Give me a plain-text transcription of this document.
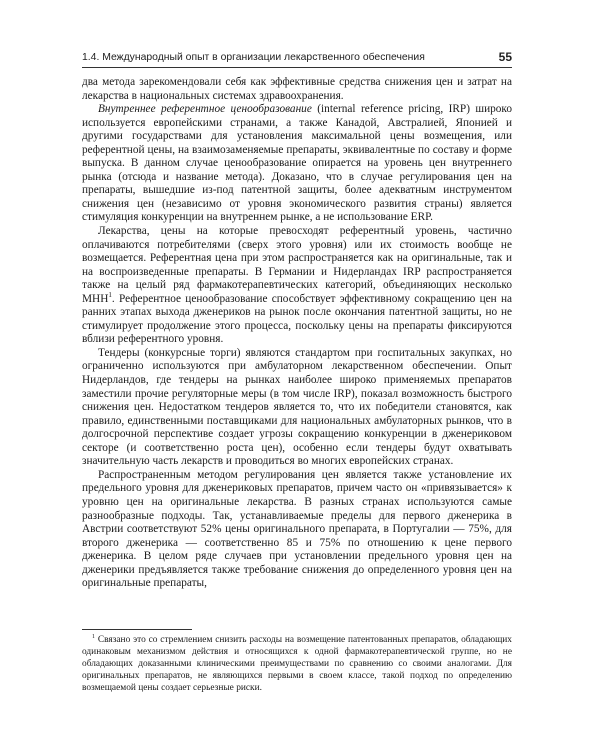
1.4. Международный опыт в организации лекарственного обеспечения	55

два метода зарекомендовали себя как эффективные средства снижения цен и затрат на лекарства в национальных системах здравоохранения.

Внутреннее референтное ценообразование (internal reference pricing, IRP) широко используется европейскими странами, а также Канадой, Австралией, Японией и другими государствами для установления максимальной цены возмещения, или референтной цены, на взаимозаменяемые препараты, эквивалентные по составу и форме выпуска. В данном случае ценообразование опирается на уровень цен внутреннего рынка (отсюда и название метода). Доказано, что в случае регулирования цен на препараты, вышедшие из-под патентной защиты, более адекватным инструментом снижения цен (независимо от уровня экономического развития страны) является стимуляция конкуренции на внутреннем рынке, а не использование ERP.

Лекарства, цены на которые превосходят референтный уровень, частично оплачиваются потребителями (сверх этого уровня) или их стоимость вообще не возмещается. Референтная цена при этом распространяется как на оригинальные, так и на воспроизведенные препараты. В Германии и Нидерландах IRP распространяется также на целый ряд фармакотерапевтических категорий, объединяющих несколько МНН$^1$. Референтное ценообразование способствует эффективному сокращению цен на ранних этапах выхода дженериков на рынок после окончания патентной защиты, но не стимулирует продолжение этого процесса, поскольку цены на препараты фиксируются вблизи референтного уровня.

Тендеры (конкурсные торги) являются стандартом при госпитальных закупках, но ограниченно используются при амбулаторном лекарственном обеспечении. Опыт Нидерландов, где тендеры на рынках наиболее широко применяемых препаратов заместили прочие регуляторные меры (в том числе IRP), показал возможность быстрого снижения цен. Недостатком тендеров является то, что их победители становятся, как правило, единственными поставщиками для национальных амбулаторных рынков, что в долгосрочной перспективе создает угрозы сокращению конкуренции в дженериковом секторе (и соответственно роста цен), особенно если тендеры будут охватывать значительную часть лекарств и проводиться во многих европейских странах.

Распространенным методом регулирования цен является также установление их предельного уровня для дженериковых препаратов, причем часто он «привязывается» к уровню цен на оригинальные лекарства. В разных странах используются самые разнообразные подходы. Так, устанавливаемые пределы для первого дженерика в Австрии соответствуют 52% цены оригинального препарата, в Португалии — 75%, для второго дженерика — соответственно 85 и 75% по отношению к цене первого дженерика. В целом ряде случаев при установлении предельного уровня цен на дженерики предъявляется также требование снижения до определенного уровня цен на оригинальные препараты,

$^1$ Связано это со стремлением снизить расходы на возмещение патентованных препаратов, обладающих одинаковым механизмом действия и относящихся к одной фармакотерапевтической группе, но не обладающих доказанными клиническими преимуществами по сравнению со своими аналогами. Для оригинальных препаратов, не являющихся первыми в своем классе, такой подход по определению возмещаемой цены создает серьезные риски.
